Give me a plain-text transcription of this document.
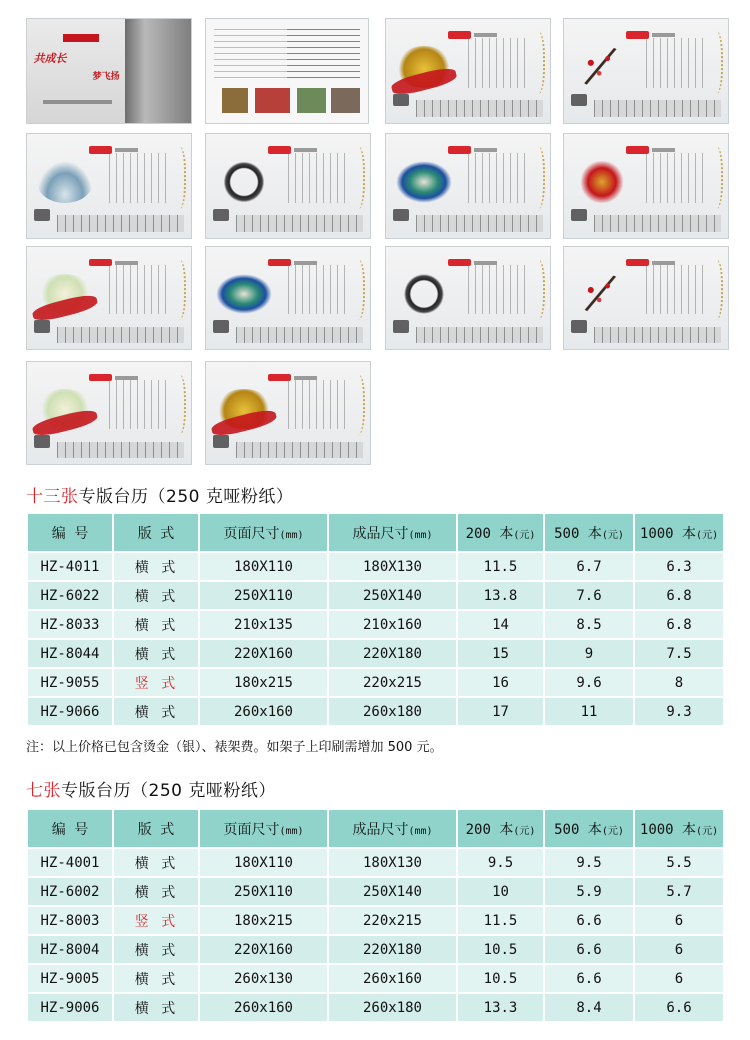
共成长
梦飞扬
十三张专版台历（250 克哑粉纸）
编 号	版 式	页面尺寸(mm)	成品尺寸(mm)	200 本(元)	500 本(元)	1000 本(元)
HZ-4011	横 式	180X110	180X130	11.5	6.7	6.3
HZ-6022	横 式	250X110	250X140	13.8	7.6	6.8
HZ-8033	横 式	210x135	210x160	14	8.5	6.8
HZ-8044	横 式	220X160	220X180	15	9	7.5
HZ-9055	竖 式	180x215	220x215	16	9.6	8
HZ-9066	横 式	260x160	260x180	17	11	9.3
注：以上价格已包含烫金（银）、裱架费。如架子上印刷需增加 500 元。
七张专版台历（250 克哑粉纸）
编 号	版 式	页面尺寸(mm)	成品尺寸(mm)	200 本(元)	500 本(元)	1000 本(元)
HZ-4001	横 式	180X110	180X130	9.5	9.5	5.5
HZ-6002	横 式	250X110	250X140	10	5.9	5.7
HZ-8003	竖 式	180x215	220x215	11.5	6.6	6
HZ-8004	横 式	220X160	220X180	10.5	6.6	6
HZ-9005	横 式	260x130	260x160	10.5	6.6	6
HZ-9006	横 式	260x160	260x180	13.3	8.4	6.6
